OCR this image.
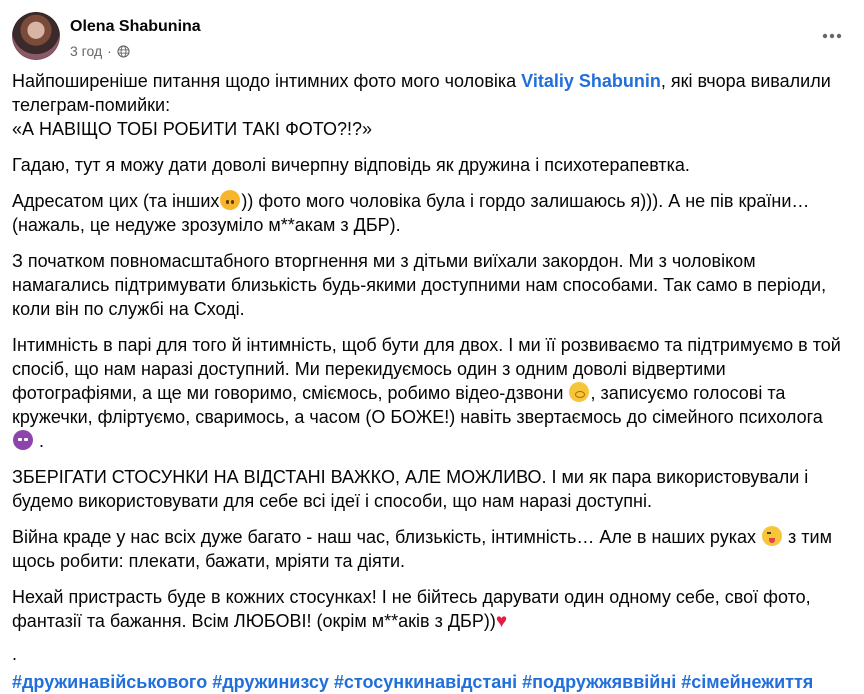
Olena Shabunina
3 год ·

Найпоширеніше питання щодо інтимних фото мого чоловіка Vitaliy Shabunin, які вчора вивалили телеграм-помийки:
«А НАВІЩО ТОБІ РОБИТИ ТАКІ ФОТО?!?»

Гадаю, тут я можу дати доволі вичерпну відповідь як дружина і психотерапевтка.

Адресатом цих (та інших )) фото мого чоловіка була і гордо залишаюсь я))). А не пів країни… (нажаль, це недуже зрозуміло м**акам з ДБР).

З початком повномасштабного вторгнення ми з дітьми виїхали закордон. Ми з чоловіком намагались підтримувати близькість будь-якими доступними нам способами. Так само в періоди, коли він по службі на Сході.

Інтимність в парі для того й інтимність, щоб бути для двох. І ми її розвиваємо та підтримуємо в той спосіб, що нам наразі доступний. Ми перекидуємось один з одним доволі відвертими фотографіями, а ще ми говоримо, сміємось, робимо відео-дзвони , записуємо голосові та кружечки, фліртуємо, сваримось, а часом (О БОЖЕ!) навіть звертаємось до сімейного психолога
.

ЗБЕРІГАТИ СТОСУНКИ НА ВІДСТАНІ ВАЖКО, АЛЕ МОЖЛИВО. І ми як пара використовували і будемо використовувати для себе всі ідеї і способи, що нам наразі доступні.

Війна краде у нас всіх дуже багато - наш час, близькість, інтимність… Але в наших руках  з тим щось робити: плекати, бажати, мріяти та діяти.

Нехай пристрасть буде в кожних стосунках! І не бійтесь дарувати один одному себе, свої фото, фантазії та бажання. Всім ЛЮБОВІ! (окрім м**аків з ДБР))♥

.
#дружинавійськового #дружинизсу #стосункинавідстані #подружжяввійні #сімейнежиття
